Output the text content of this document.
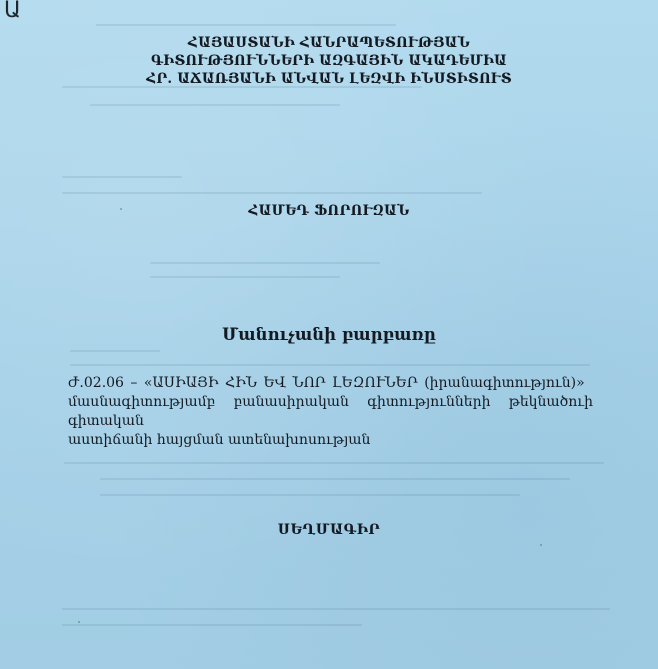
Ա
ՀԱՅԱՍՏԱՆԻ ՀԱՆՐԱՊԵՏՈՒԹՅԱՆ
ԳԻՏՈՒԹՅՈՒՆՆԵՐԻ ԱԶԳԱՅԻՆ ԱԿԱԴԵՄԻԱ
ՀՐ. ԱՃԱՌՅԱՆԻ ԱՆՎԱՆ ԼԵԶՎԻ ԻՆՍՏԻՏՈՒՏ
ՀԱՄԵԴ ՖՈՐՈՒԶԱՆ
Մանուչանի բարբառը
Ժ.02.06 – «ԱՍԻԱՅԻ ՀԻՆ ԵՎ ՆՈՐ ԼԵԶՈՒՆԵՐ (իրանագիտություն)»
մասնագիտությամբ բանասիրական գիտությունների թեկնածուի գիտական
աստիճանի հայցման ատենախոսության
ՍԵՂՄԱԳԻՐ
